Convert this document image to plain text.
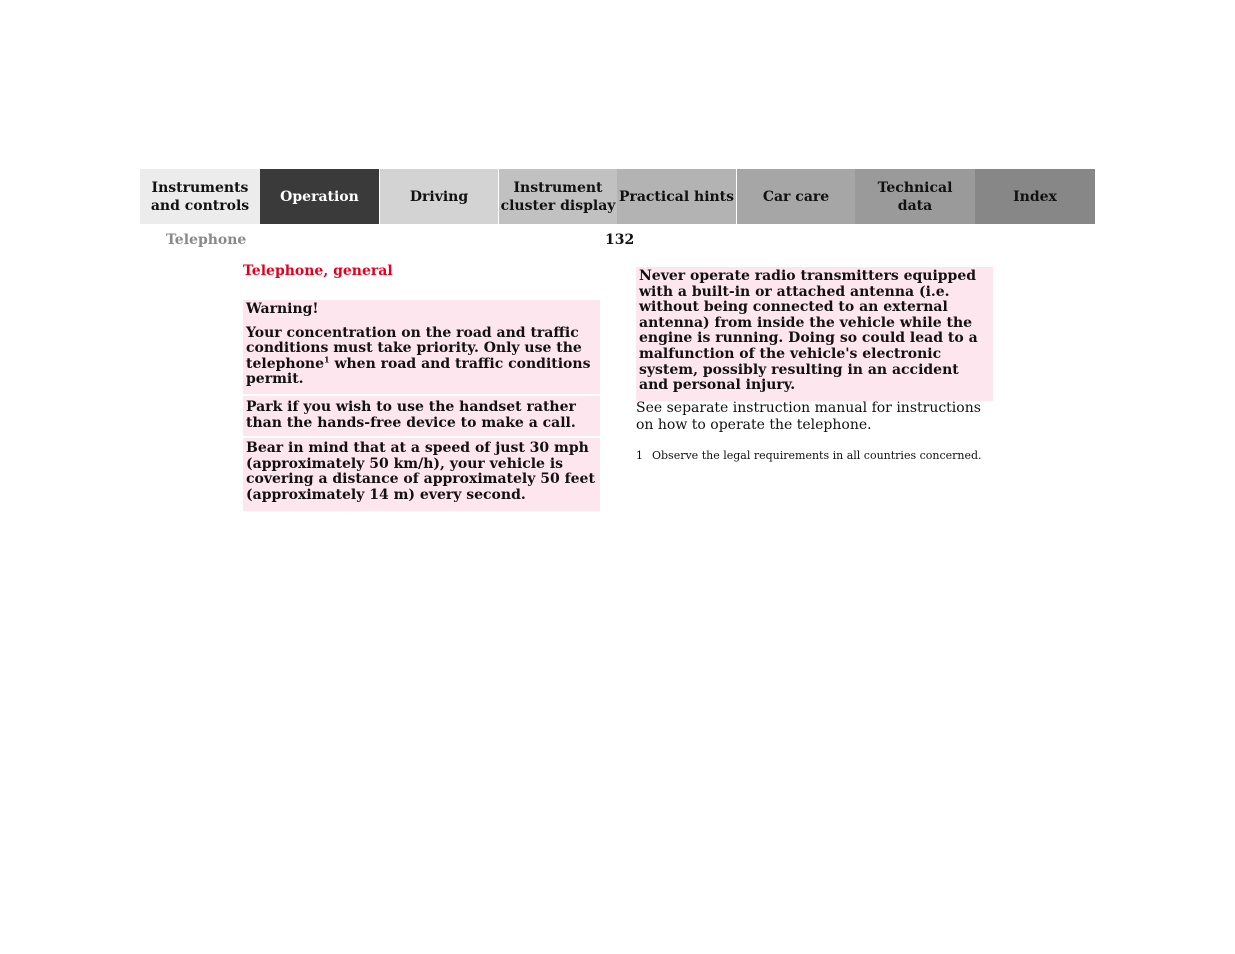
Instruments
and controls
Operation	Driving
Instrument
cluster display
Practical hints	Car care
Technical
data
Index
Telephone	132
Telephone, general

Warning!

Your concentration on the road and traffic conditions must take priority. Only use the telephone$^1$ when road and traffic conditions permit.

Park if you wish to use the handset rather than the hands-free device to make a call.

Bear in mind that at a speed of just 30 mph (approximately 50 km/h), your vehicle is covering a distance of approximately 50 feet (approximately 14 m) every second.

Never operate radio transmitters equipped with a built-in or attached antenna (i.e. without being connected to an external antenna) from inside the vehicle while the engine is running. Doing so could lead to a malfunction of the vehicle's electronic system, possibly resulting in an accident and personal injury.

See separate instruction manual for instructions on how to operate the telephone.
1 Observe the legal requirements in all countries concerned.
